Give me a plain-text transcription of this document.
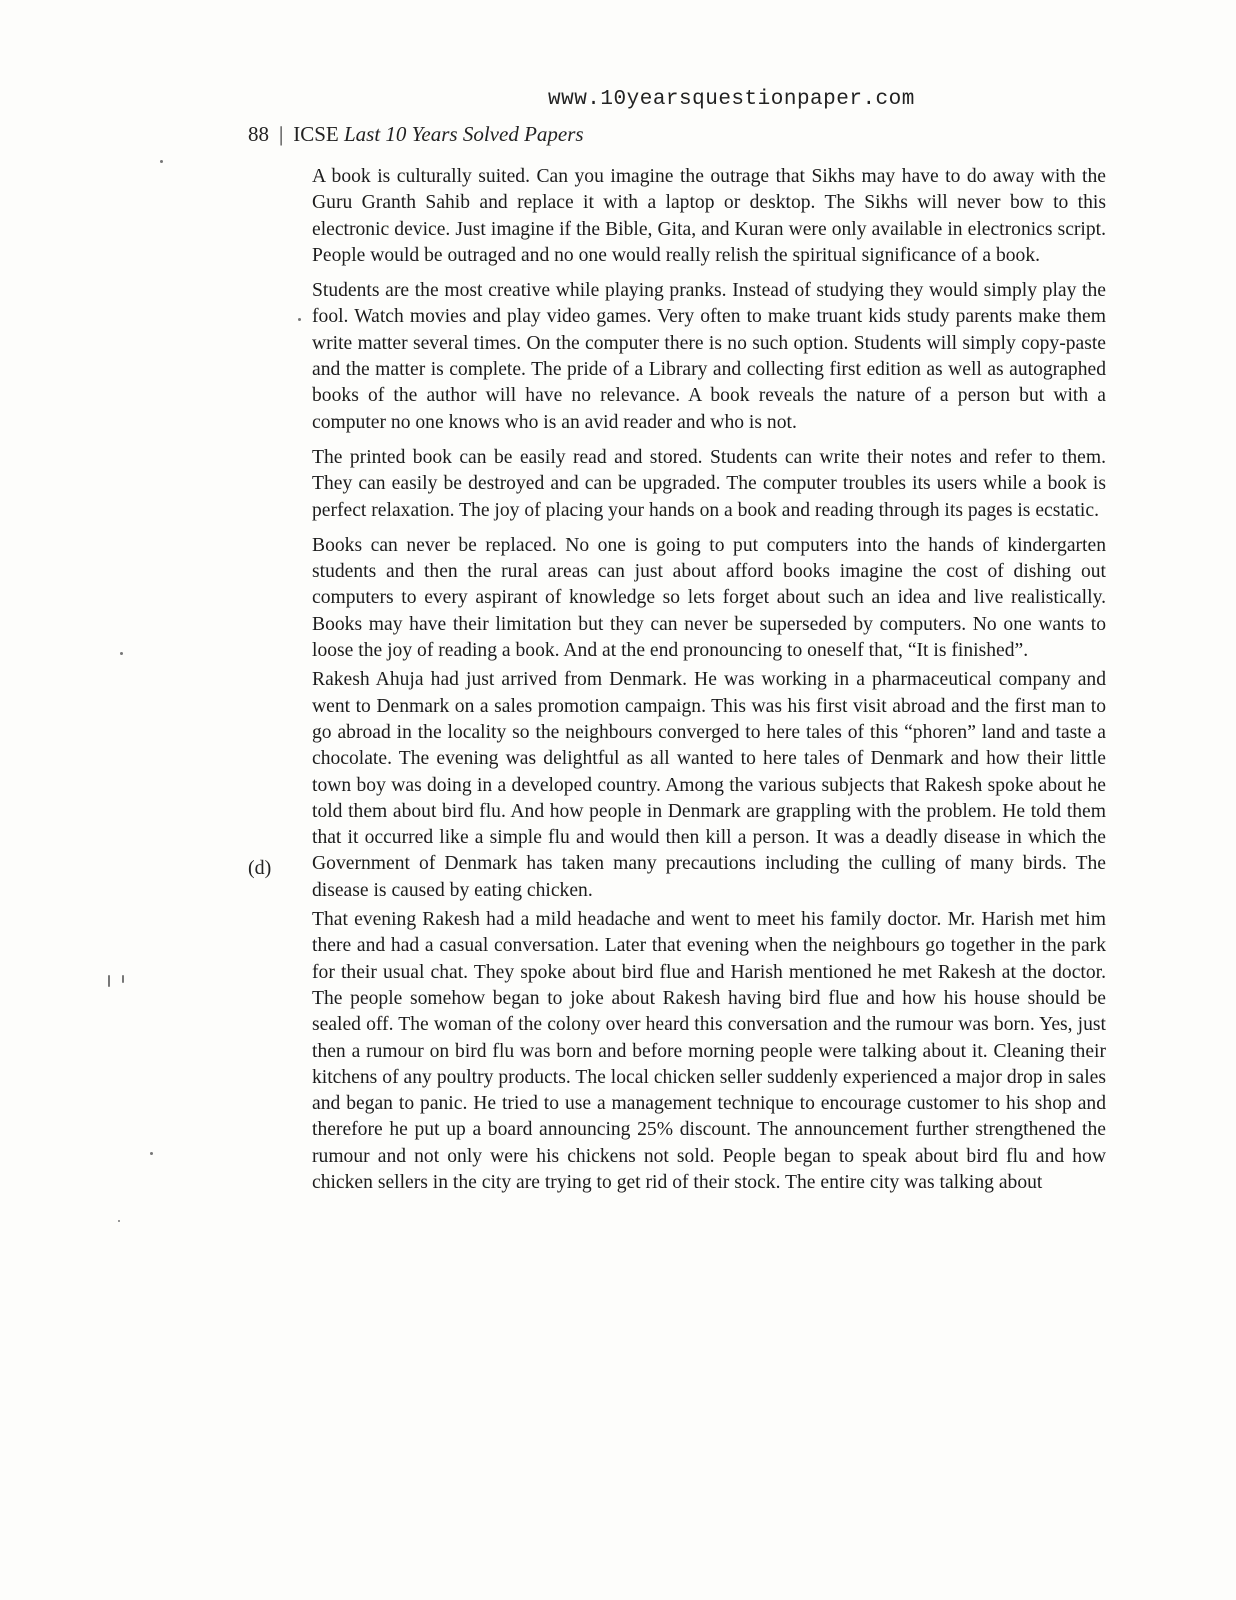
www.10yearsquestionpaper.com
88 | ICSE Last 10 Years Solved Papers
(d)

A book is culturally suited. Can you imagine the outrage that Sikhs may have to do away with the Guru Granth Sahib and replace it with a laptop or desktop. The Sikhs will never bow to this electronic device. Just imagine if the Bible, Gita, and Kuran were only available in electronics script. People would be outraged and no one would really relish the spiritual significance of a book.

Students are the most creative while playing pranks. Instead of studying they would simply play the fool. Watch movies and play video games. Very often to make truant kids study parents make them write matter several times. On the computer there is no such option. Students will simply copy-paste and the matter is complete. The pride of a Library and collecting first edition as well as autographed books of the author will have no relevance. A book reveals the nature of a person but with a computer no one knows who is an avid reader and who is not.

The printed book can be easily read and stored. Students can write their notes and refer to them. They can easily be destroyed and can be upgraded. The computer troubles its users while a book is perfect relaxation. The joy of placing your hands on a book and reading through its pages is ecstatic.

Books can never be replaced. No one is going to put computers into the hands of kindergarten students and then the rural areas can just about afford books imagine the cost of dishing out computers to every aspirant of knowledge so lets forget about such an idea and live realistically. Books may have their limitation but they can never be superseded by computers. No one wants to loose the joy of reading a book. And at the end pronouncing to oneself that, “It is finished”.

Rakesh Ahuja had just arrived from Denmark. He was working in a pharmaceutical company and went to Denmark on a sales promotion campaign. This was his first visit abroad and the first man to go abroad in the locality so the neighbours converged to here tales of this “phoren” land and taste a chocolate. The evening was delightful as all wanted to here tales of Denmark and how their little town boy was doing in a developed country. Among the various subjects that Rakesh spoke about he told them about bird flu. And how people in Denmark are grappling with the problem. He told them that it occurred like a simple flu and would then kill a person. It was a deadly disease in which the Government of Denmark has taken many precautions including the culling of many birds. The disease is caused by eating chicken.

That evening Rakesh had a mild headache and went to meet his family doctor. Mr. Harish met him there and had a casual conversation. Later that evening when the neighbours go together in the park for their usual chat. They spoke about bird flue and Harish mentioned he met Rakesh at the doctor. The people somehow began to joke about Rakesh having bird flue and how his house should be sealed off. The woman of the colony over heard this conversation and the rumour was born. Yes, just then a rumour on bird flu was born and before morning people were talking about it. Cleaning their kitchens of any poultry products. The local chicken seller suddenly experienced a major drop in sales and began to panic. He tried to use a management technique to encourage customer to his shop and therefore he put up a board announcing 25% discount. The announcement further strengthened the rumour and not only were his chickens not sold. People began to speak about bird flu and how chicken sellers in the city are trying to get rid of their stock. The entire city was talking about
